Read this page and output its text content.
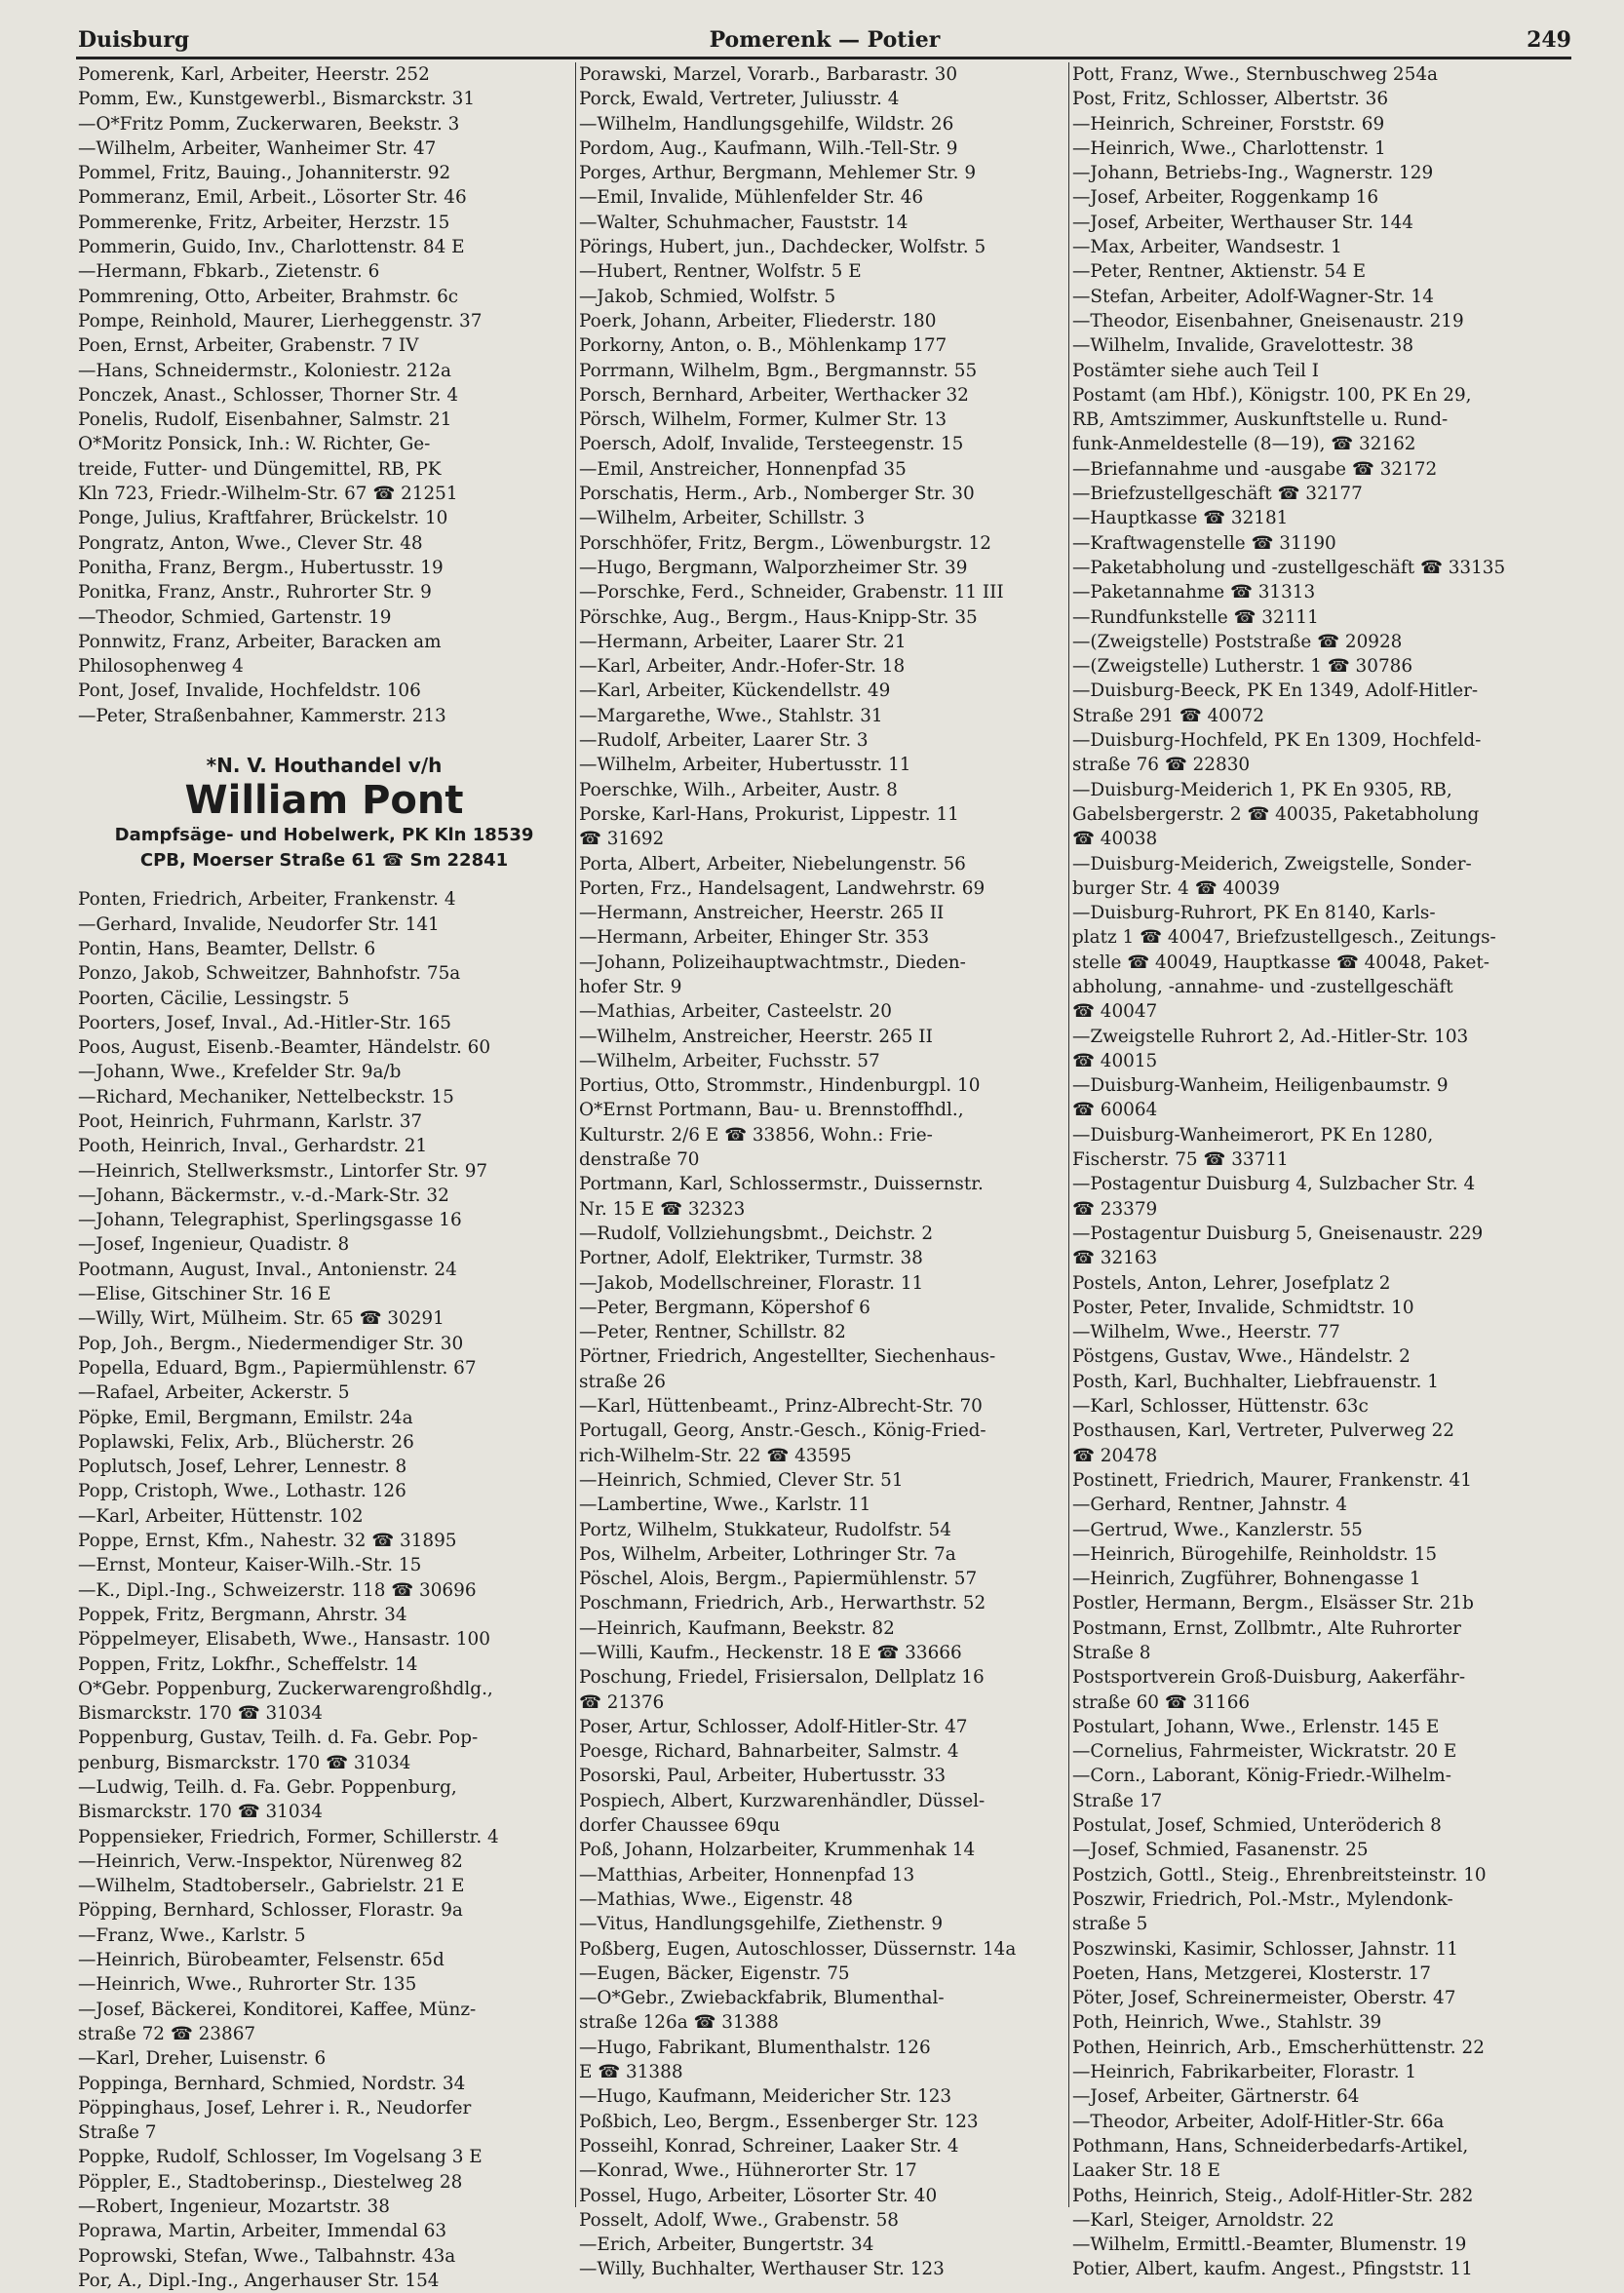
Duisburg	Pomerenk — Potier	249
Pomerenk, Karl, Arbeiter, Heerstr. 252
Pomm, Ew., Kunstgewerbl., Bismarckstr. 31
—O*Fritz Pomm, Zuckerwaren, Beekstr. 3
—Wilhelm, Arbeiter, Wanheimer Str. 47
Pommel, Fritz, Bauing., Johanniterstr. 92
Pommeranz, Emil, Arbeit., Lösorter Str. 46
Pommerenke, Fritz, Arbeiter, Herzstr. 15
Pommerin, Guido, Inv., Charlottenstr. 84 E
—Hermann, Fbkarb., Zietenstr. 6
Pommrening, Otto, Arbeiter, Brahmstr. 6c
Pompe, Reinhold, Maurer, Lierheggenstr. 37
Poen, Ernst, Arbeiter, Grabenstr. 7 IV
—Hans, Schneidermstr., Koloniestr. 212a
Ponczek, Anast., Schlosser, Thorner Str. 4
Ponelis, Rudolf, Eisenbahner, Salmstr. 21
O*Moritz Ponsick, Inh.: W. Richter, Ge-
treide, Futter- und Düngemittel, RB, PK
Kln 723, Friedr.-Wilhelm-Str. 67 ☎ 21251
Ponge, Julius, Kraftfahrer, Brückelstr. 10
Pongratz, Anton, Wwe., Clever Str. 48
Ponitha, Franz, Bergm., Hubertusstr. 19
Ponitka, Franz, Anstr., Ruhrorter Str. 9
—Theodor, Schmied, Gartenstr. 19
Ponnwitz, Franz, Arbeiter, Baracken am
Philosophenweg 4
Pont, Josef, Invalide, Hochfeldstr. 106
—Peter, Straßenbahner, Kammerstr. 213
*N. V. Houthandel v/h
William Pont
Dampfsäge- und Hobelwerk, PK Kln 18539
CPB, Moerser Straße 61 ☎ Sm 22841
Ponten, Friedrich, Arbeiter, Frankenstr. 4
—Gerhard, Invalide, Neudorfer Str. 141
Pontin, Hans, Beamter, Dellstr. 6
Ponzo, Jakob, Schweitzer, Bahnhofstr. 75a
Poorten, Cäcilie, Lessingstr. 5
Poorters, Josef, Inval., Ad.-Hitler-Str. 165
Poos, August, Eisenb.-Beamter, Händelstr. 60
—Johann, Wwe., Krefelder Str. 9a/b
—Richard, Mechaniker, Nettelbeckstr. 15
Poot, Heinrich, Fuhrmann, Karlstr. 37
Pooth, Heinrich, Inval., Gerhardstr. 21
—Heinrich, Stellwerksmstr., Lintorfer Str. 97
—Johann, Bäckermstr., v.-d.-Mark-Str. 32
—Johann, Telegraphist, Sperlingsgasse 16
—Josef, Ingenieur, Quadistr. 8
Pootmann, August, Inval., Antonienstr. 24
—Elise, Gitschiner Str. 16 E
—Willy, Wirt, Mülheim. Str. 65 ☎ 30291
Pop, Joh., Bergm., Niedermendiger Str. 30
Popella, Eduard, Bgm., Papiermühlenstr. 67
—Rafael, Arbeiter, Ackerstr. 5
Pöpke, Emil, Bergmann, Emilstr. 24a
Poplawski, Felix, Arb., Blücherstr. 26
Poplutsch, Josef, Lehrer, Lennestr. 8
Popp, Cristoph, Wwe., Lothastr. 126
—Karl, Arbeiter, Hüttenstr. 102
Poppe, Ernst, Kfm., Nahestr. 32 ☎ 31895
—Ernst, Monteur, Kaiser-Wilh.-Str. 15
—K., Dipl.-Ing., Schweizerstr. 118 ☎ 30696
Poppek, Fritz, Bergmann, Ahrstr. 34
Pöppelmeyer, Elisabeth, Wwe., Hansastr. 100
Poppen, Fritz, Lokfhr., Scheffelstr. 14
O*Gebr. Poppenburg, Zuckerwarengroßhdlg.,
Bismarckstr. 170 ☎ 31034
Poppenburg, Gustav, Teilh. d. Fa. Gebr. Pop-
penburg, Bismarckstr. 170 ☎ 31034
—Ludwig, Teilh. d. Fa. Gebr. Poppenburg,
Bismarckstr. 170 ☎ 31034
Poppensieker, Friedrich, Former, Schillerstr. 4
—Heinrich, Verw.-Inspektor, Nürenweg 82
—Wilhelm, Stadtoberselr., Gabrielstr. 21 E
Pöpping, Bernhard, Schlosser, Florastr. 9a
—Franz, Wwe., Karlstr. 5
—Heinrich, Bürobeamter, Felsenstr. 65d
—Heinrich, Wwe., Ruhrorter Str. 135
—Josef, Bäckerei, Konditorei, Kaffee, Münz-
straße 72 ☎ 23867
—Karl, Dreher, Luisenstr. 6
Poppinga, Bernhard, Schmied, Nordstr. 34
Pöppinghaus, Josef, Lehrer i. R., Neudorfer
Straße 7
Poppke, Rudolf, Schlosser, Im Vogelsang 3 E
Pöppler, E., Stadtoberinsp., Diestelweg 28
—Robert, Ingenieur, Mozartstr. 38
Poprawa, Martin, Arbeiter, Immendal 63
Poprowski, Stefan, Wwe., Talbahnstr. 43a
Por, A., Dipl.-Ing., Angerhauser Str. 154
Porawski, Marzel, Vorarb., Barbarastr. 30
Porck, Ewald, Vertreter, Juliusstr. 4
—Wilhelm, Handlungsgehilfe, Wildstr. 26
Pordom, Aug., Kaufmann, Wilh.-Tell-Str. 9
Porges, Arthur, Bergmann, Mehlemer Str. 9
—Emil, Invalide, Mühlenfelder Str. 46
—Walter, Schuhmacher, Fauststr. 14
Pörings, Hubert, jun., Dachdecker, Wolfstr. 5
—Hubert, Rentner, Wolfstr. 5 E
—Jakob, Schmied, Wolfstr. 5
Poerk, Johann, Arbeiter, Fliederstr. 180
Porkorny, Anton, o. B., Möhlenkamp 177
Porrmann, Wilhelm, Bgm., Bergmannstr. 55
Porsch, Bernhard, Arbeiter, Werthacker 32
Pörsch, Wilhelm, Former, Kulmer Str. 13
Poersch, Adolf, Invalide, Tersteegenstr. 15
—Emil, Anstreicher, Honnenpfad 35
Porschatis, Herm., Arb., Nomberger Str. 30
—Wilhelm, Arbeiter, Schillstr. 3
Porschhöfer, Fritz, Bergm., Löwenburgstr. 12
—Hugo, Bergmann, Walporzheimer Str. 39
—Porschke, Ferd., Schneider, Grabenstr. 11 III
Pörschke, Aug., Bergm., Haus-Knipp-Str. 35
—Hermann, Arbeiter, Laarer Str. 21
—Karl, Arbeiter, Andr.-Hofer-Str. 18
—Karl, Arbeiter, Kückendellstr. 49
—Margarethe, Wwe., Stahlstr. 31
—Rudolf, Arbeiter, Laarer Str. 3
—Wilhelm, Arbeiter, Hubertusstr. 11
Poerschke, Wilh., Arbeiter, Austr. 8
Porske, Karl-Hans, Prokurist, Lippestr. 11
☎ 31692
Porta, Albert, Arbeiter, Niebelungenstr. 56
Porten, Frz., Handelsagent, Landwehrstr. 69
—Hermann, Anstreicher, Heerstr. 265 II
—Hermann, Arbeiter, Ehinger Str. 353
—Johann, Polizeihauptwachtmstr., Dieden-
hofer Str. 9
—Mathias, Arbeiter, Casteelstr. 20
—Wilhelm, Anstreicher, Heerstr. 265 II
—Wilhelm, Arbeiter, Fuchsstr. 57
Portius, Otto, Strommstr., Hindenburgpl. 10
O*Ernst Portmann, Bau- u. Brennstoffhdl.,
Kulturstr. 2/6 E ☎ 33856, Wohn.: Frie-
denstraße 70
Portmann, Karl, Schlossermstr., Duissernstr.
Nr. 15 E ☎ 32323
—Rudolf, Vollziehungsbmt., Deichstr. 2
Portner, Adolf, Elektriker, Turmstr. 38
—Jakob, Modellschreiner, Florastr. 11
—Peter, Bergmann, Köpershof 6
—Peter, Rentner, Schillstr. 82
Pörtner, Friedrich, Angestellter, Siechenhaus-
straße 26
—Karl, Hüttenbeamt., Prinz-Albrecht-Str. 70
Portugall, Georg, Anstr.-Gesch., König-Fried-
rich-Wilhelm-Str. 22 ☎ 43595
—Heinrich, Schmied, Clever Str. 51
—Lambertine, Wwe., Karlstr. 11
Portz, Wilhelm, Stukkateur, Rudolfstr. 54
Pos, Wilhelm, Arbeiter, Lothringer Str. 7a
Pöschel, Alois, Bergm., Papiermühlenstr. 57
Poschmann, Friedrich, Arb., Herwarthstr. 52
—Heinrich, Kaufmann, Beekstr. 82
—Willi, Kaufm., Heckenstr. 18 E ☎ 33666
Poschung, Friedel, Frisiersalon, Dellplatz 16
☎ 21376
Poser, Artur, Schlosser, Adolf-Hitler-Str. 47
Poesge, Richard, Bahnarbeiter, Salmstr. 4
Posorski, Paul, Arbeiter, Hubertusstr. 33
Pospiech, Albert, Kurzwarenhändler, Düssel-
dorfer Chaussee 69qu
Poß, Johann, Holzarbeiter, Krummenhak 14
—Matthias, Arbeiter, Honnenpfad 13
—Mathias, Wwe., Eigenstr. 48
—Vitus, Handlungsgehilfe, Ziethenstr. 9
Poßberg, Eugen, Autoschlosser, Düssernstr. 14a
—Eugen, Bäcker, Eigenstr. 75
—O*Gebr., Zwiebackfabrik, Blumenthal-
straße 126a ☎ 31388
—Hugo, Fabrikant, Blumenthalstr. 126
E ☎ 31388
—Hugo, Kaufmann, Meidericher Str. 123
Poßbich, Leo, Bergm., Essenberger Str. 123
Posseihl, Konrad, Schreiner, Laaker Str. 4
—Konrad, Wwe., Hühnerorter Str. 17
Possel, Hugo, Arbeiter, Lösorter Str. 40
Posselt, Adolf, Wwe., Grabenstr. 58
—Erich, Arbeiter, Bungertstr. 34
—Willy, Buchhalter, Werthauser Str. 123
Pott, Franz, Wwe., Sternbuschweg 254a
Post, Fritz, Schlosser, Albertstr. 36
—Heinrich, Schreiner, Forststr. 69
—Heinrich, Wwe., Charlottenstr. 1
—Johann, Betriebs-Ing., Wagnerstr. 129
—Josef, Arbeiter, Roggenkamp 16
—Josef, Arbeiter, Werthauser Str. 144
—Max, Arbeiter, Wandsestr. 1
—Peter, Rentner, Aktienstr. 54 E
—Stefan, Arbeiter, Adolf-Wagner-Str. 14
—Theodor, Eisenbahner, Gneisenaustr. 219
—Wilhelm, Invalide, Gravelottestr. 38
Postämter siehe auch Teil I
Postamt (am Hbf.), Königstr. 100, PK En 29,
RB, Amtszimmer, Auskunftstelle u. Rund-
funk-Anmeldestelle (8—19), ☎ 32162
—Briefannahme und -ausgabe ☎ 32172
—Briefzustellgeschäft ☎ 32177
—Hauptkasse ☎ 32181
—Kraftwagenstelle ☎ 31190
—Paketabholung und -zustellgeschäft ☎ 33135
—Paketannahme ☎ 31313
—Rundfunkstelle ☎ 32111
—(Zweigstelle) Poststraße ☎ 20928
—(Zweigstelle) Lutherstr. 1 ☎ 30786
—Duisburg-Beeck, PK En 1349, Adolf-Hitler-
Straße 291 ☎ 40072
—Duisburg-Hochfeld, PK En 1309, Hochfeld-
straße 76 ☎ 22830
—Duisburg-Meiderich 1, PK En 9305, RB,
Gabelsbergerstr. 2 ☎ 40035, Paketabholung
☎ 40038
—Duisburg-Meiderich, Zweigstelle, Sonder-
burger Str. 4 ☎ 40039
—Duisburg-Ruhrort, PK En 8140, Karls-
platz 1 ☎ 40047, Briefzustellgesch., Zeitungs-
stelle ☎ 40049, Hauptkasse ☎ 40048, Paket-
abholung, -annahme- und -zustellgeschäft
☎ 40047
—Zweigstelle Ruhrort 2, Ad.-Hitler-Str. 103
☎ 40015
—Duisburg-Wanheim, Heiligenbaumstr. 9
☎ 60064
—Duisburg-Wanheimerort, PK En 1280,
Fischerstr. 75 ☎ 33711
—Postagentur Duisburg 4, Sulzbacher Str. 4
☎ 23379
—Postagentur Duisburg 5, Gneisenaustr. 229
☎ 32163
Postels, Anton, Lehrer, Josefplatz 2
Poster, Peter, Invalide, Schmidtstr. 10
—Wilhelm, Wwe., Heerstr. 77
Pöstgens, Gustav, Wwe., Händelstr. 2
Posth, Karl, Buchhalter, Liebfrauenstr. 1
—Karl, Schlosser, Hüttenstr. 63c
Posthausen, Karl, Vertreter, Pulverweg 22
☎ 20478
Postinett, Friedrich, Maurer, Frankenstr. 41
—Gerhard, Rentner, Jahnstr. 4
—Gertrud, Wwe., Kanzlerstr. 55
—Heinrich, Bürogehilfe, Reinholdstr. 15
—Heinrich, Zugführer, Bohnengasse 1
Postler, Hermann, Bergm., Elsässer Str. 21b
Postmann, Ernst, Zollbmtr., Alte Ruhrorter
Straße 8
Postsportverein Groß-Duisburg, Aakerfähr-
straße 60 ☎ 31166
Postulart, Johann, Wwe., Erlenstr. 145 E
—Cornelius, Fahrmeister, Wickratstr. 20 E
—Corn., Laborant, König-Friedr.-Wilhelm-
Straße 17
Postulat, Josef, Schmied, Unteröderich 8
—Josef, Schmied, Fasanenstr. 25
Postzich, Gottl., Steig., Ehrenbreitsteinstr. 10
Poszwir, Friedrich, Pol.-Mstr., Mylendonk-
straße 5
Poszwinski, Kasimir, Schlosser, Jahnstr. 11
Poeten, Hans, Metzgerei, Klosterstr. 17
Pöter, Josef, Schreinermeister, Oberstr. 47
Poth, Heinrich, Wwe., Stahlstr. 39
Pothen, Heinrich, Arb., Emscherhüttenstr. 22
—Heinrich, Fabrikarbeiter, Florastr. 1
—Josef, Arbeiter, Gärtnerstr. 64
—Theodor, Arbeiter, Adolf-Hitler-Str. 66a
Pothmann, Hans, Schneiderbedarfs-Artikel,
Laaker Str. 18 E
Poths, Heinrich, Steig., Adolf-Hitler-Str. 282
—Karl, Steiger, Arnoldstr. 22
—Wilhelm, Ermittl.-Beamter, Blumenstr. 19
Potier, Albert, kaufm. Angest., Pfingststr. 11
